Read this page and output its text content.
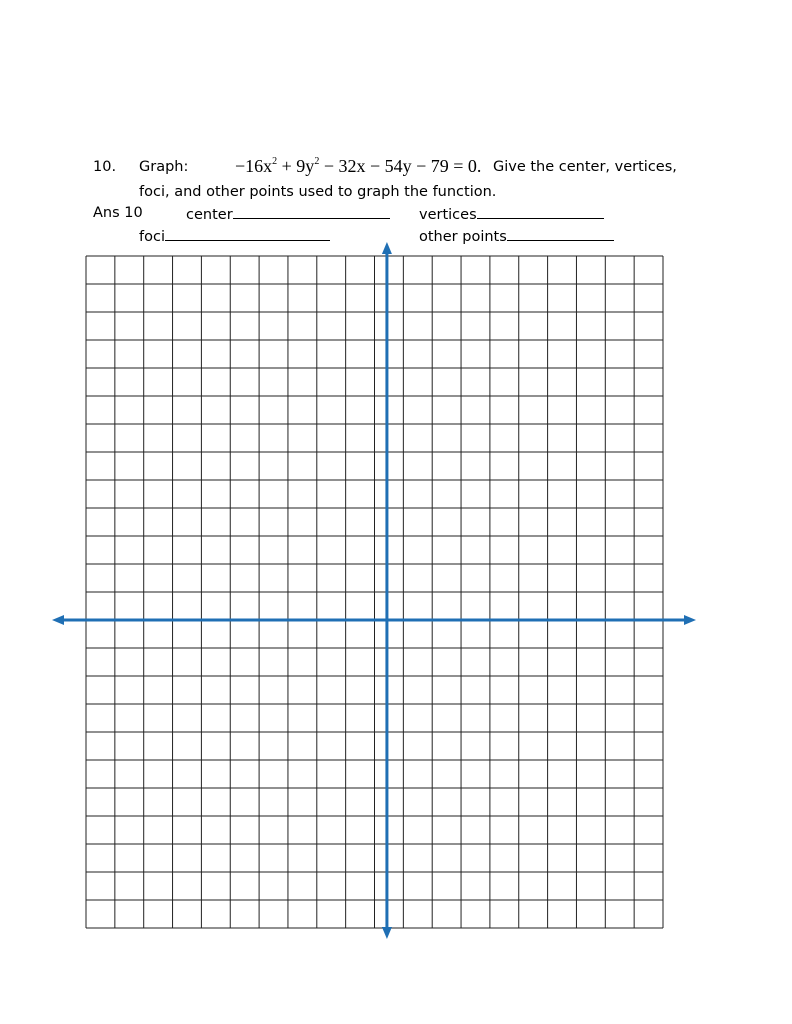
10. Graph:	$-16x^2 + 9y^2 - 32x - 54y - 79 = 0$. Give the center, vertices,
foci, and other points used to graph the function.
Ans 10	center	vertices
foci	other points
